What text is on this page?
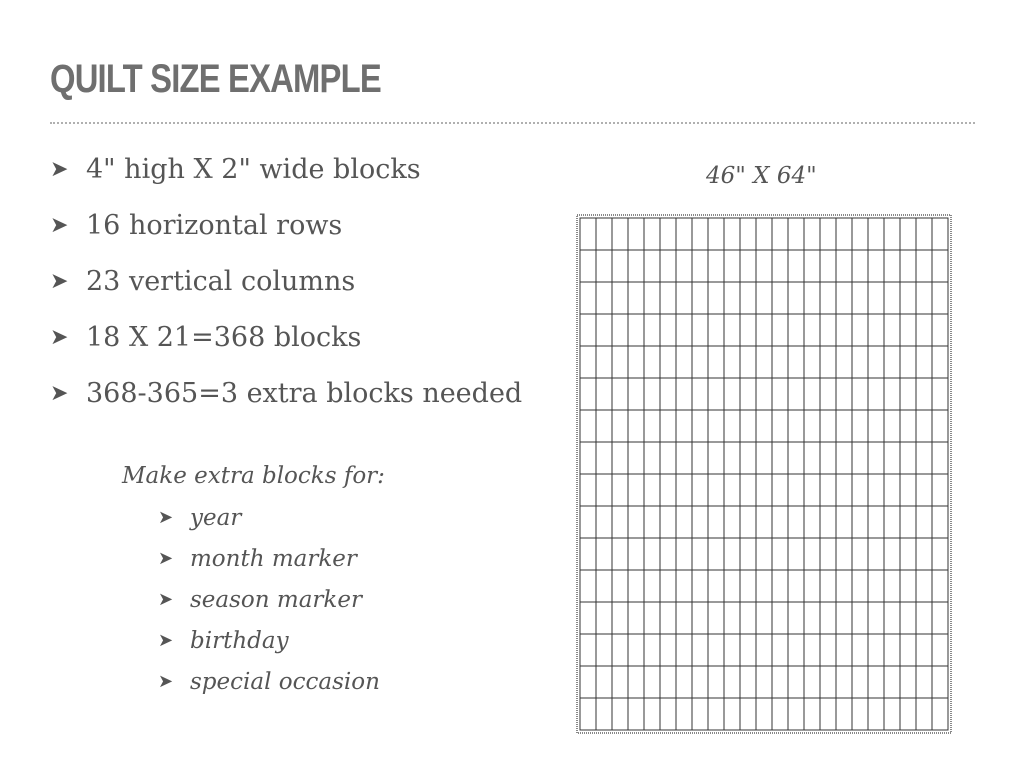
QUILT SIZE EXAMPLE
➤ 4" high X 2" wide blocks
➤ 16 horizontal rows
➤ 23 vertical columns
➤ 18 X 21=368 blocks
➤ 368-365=3 extra blocks needed
Make extra blocks for:
➤ year
➤ month marker
➤ season marker
➤ birthday
➤ special occasion
46" X 64"
